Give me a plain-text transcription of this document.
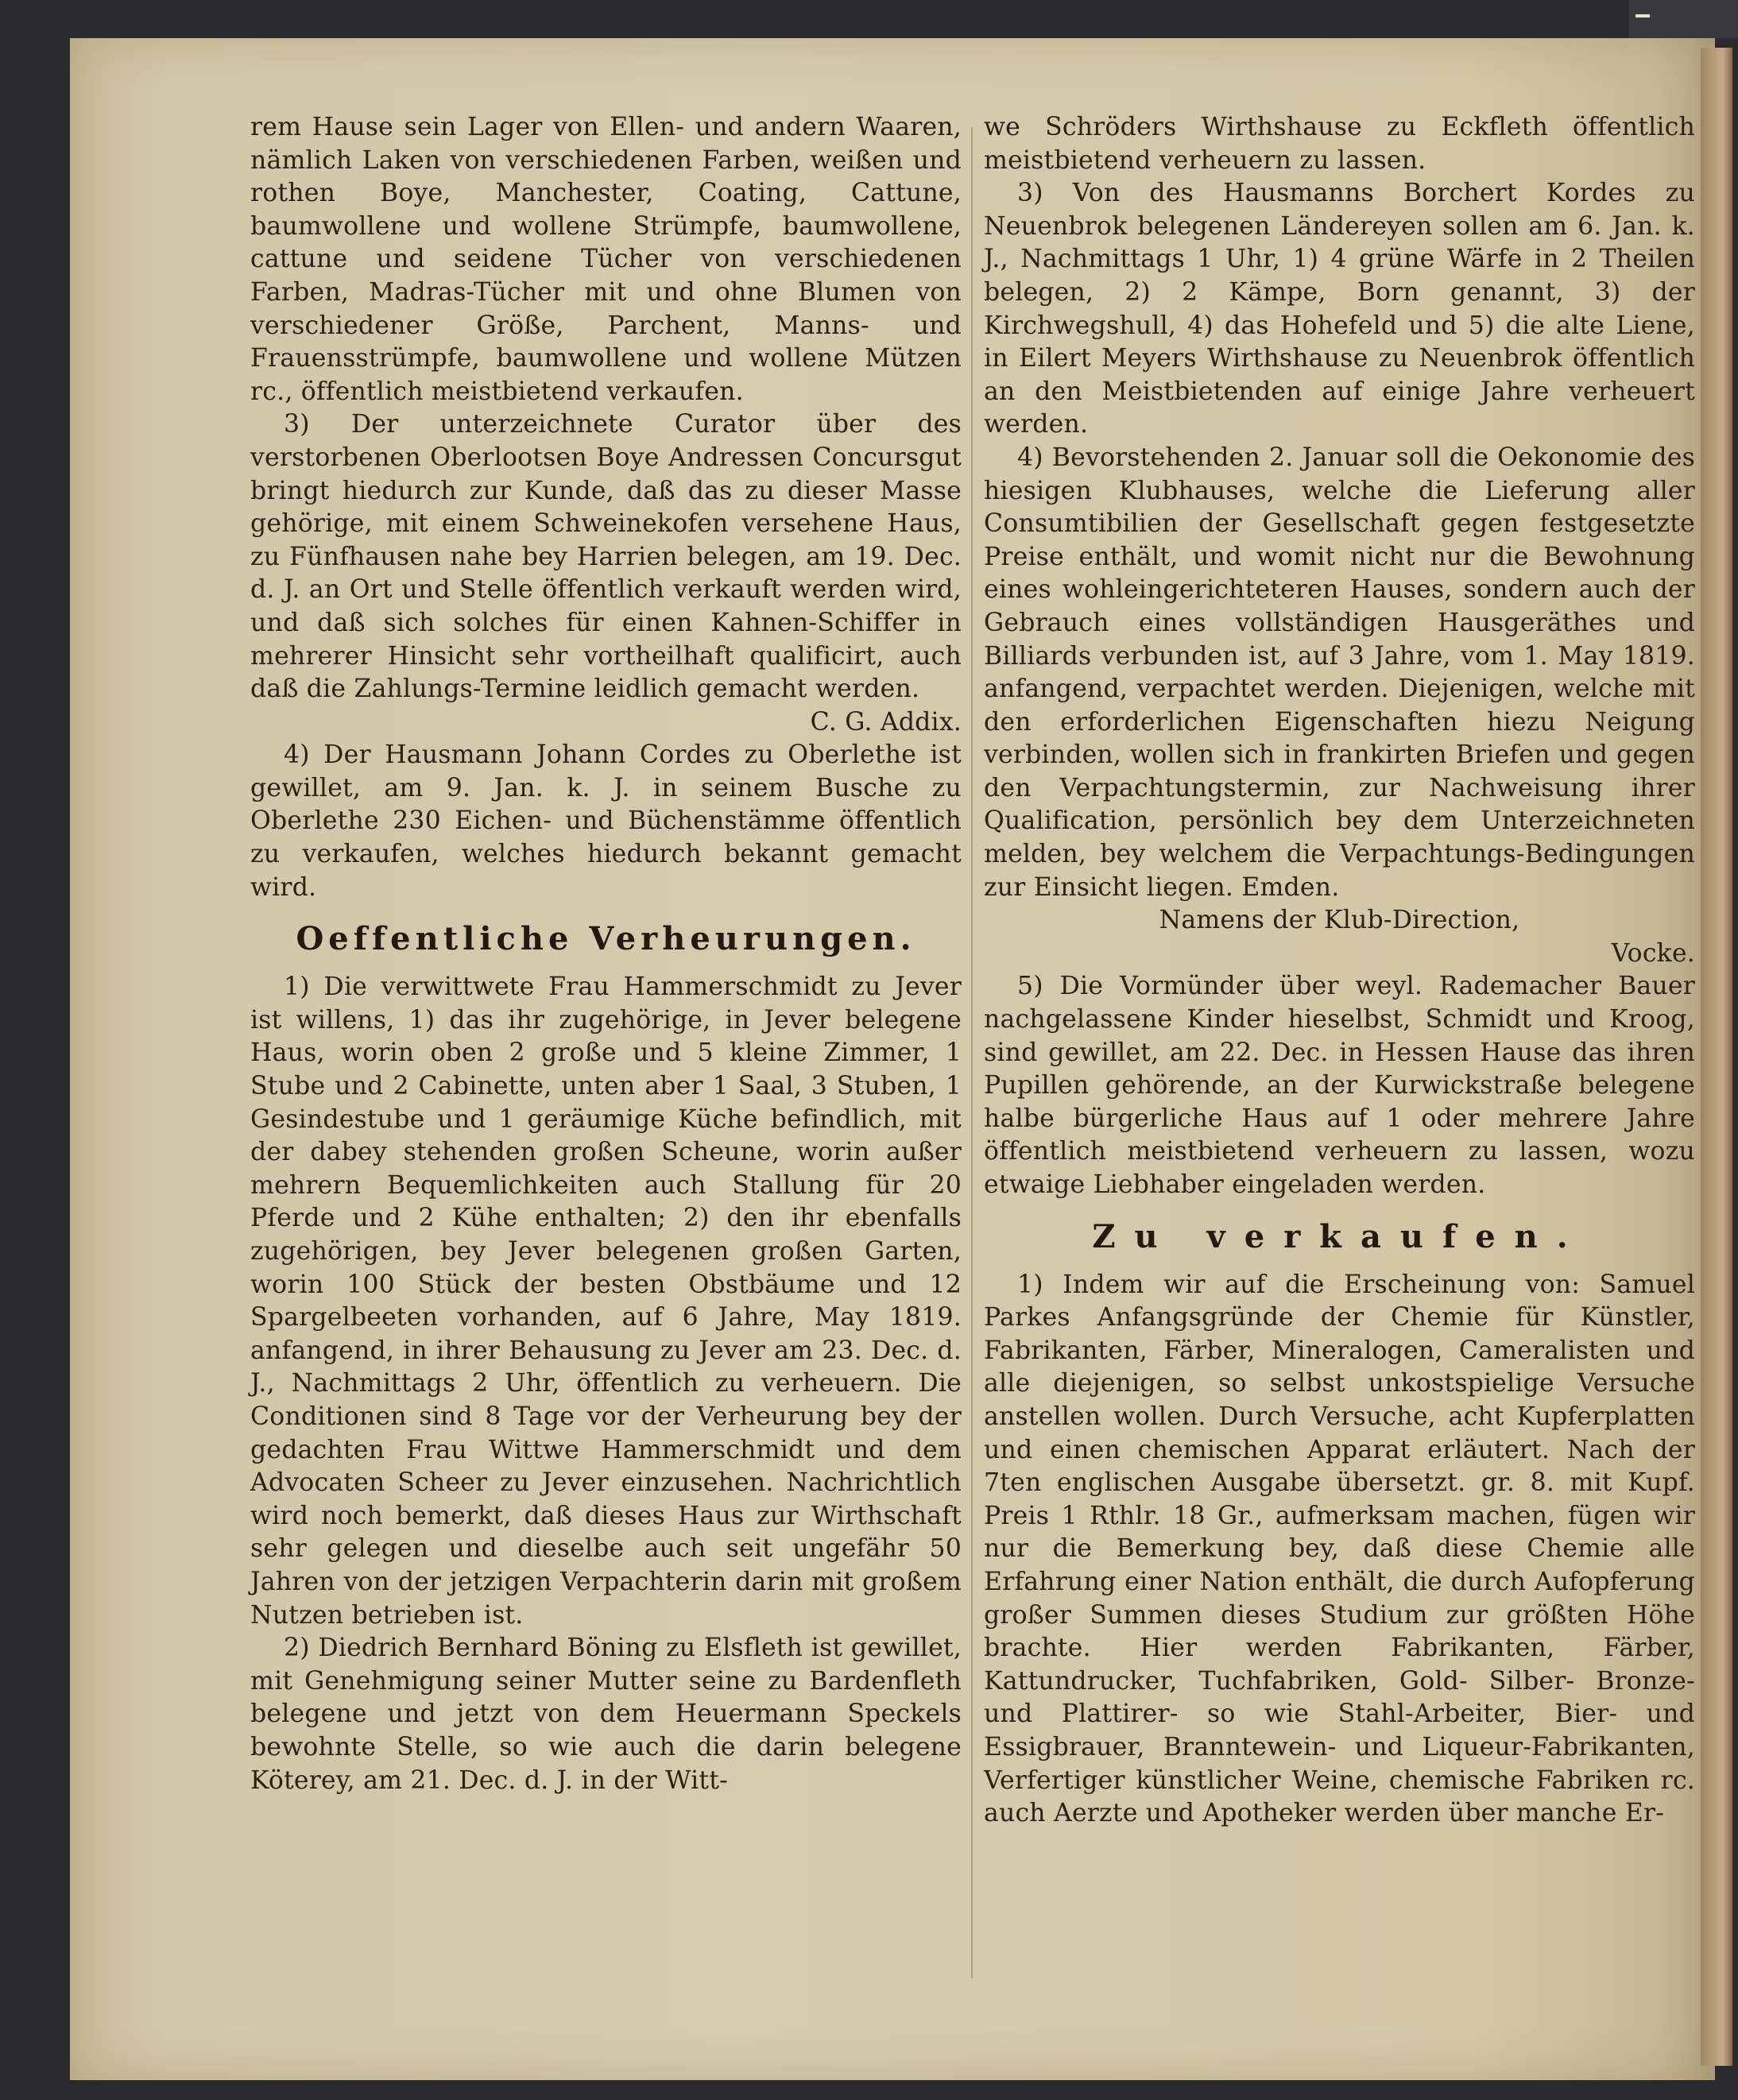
rem Hause sein Lager von Ellen- und andern Waaren, nämlich Laken von verschiedenen Farben, weißen und rothen Boye, Manchester, Coating, Cattune, baumwollene und wollene Strümpfe, baumwollene, cattune und seidene Tücher von verschiedenen Farben, Madras-Tücher mit und ohne Blumen von verschiedener Größe, Parchent, Manns- und Frauensstrümpfe, baumwollene und wollene Mützen rc., öffentlich meistbietend verkaufen.

3) Der unterzeichnete Curator über des verstorbenen Oberlootsen Boye Andressen Concursgut bringt hiedurch zur Kunde, daß das zu dieser Masse gehörige, mit einem Schweinekofen versehene Haus, zu Fünfhausen nahe bey Harrien belegen, am 19. Dec. d. J. an Ort und Stelle öffentlich verkauft werden wird, und daß sich solches für einen Kahnen-Schiffer in mehrerer Hinsicht sehr vortheilhaft qualificirt, auch daß die Zahlungs-Termine leidlich gemacht werden.

C. G. Addix.

4) Der Hausmann Johann Cordes zu Oberlethe ist gewillet, am 9. Jan. k. J. in seinem Busche zu Oberlethe 230 Eichen- und Büchenstämme öffentlich zu verkaufen, welches hiedurch bekannt gemacht wird.

Oeffentliche Verheurungen.

1) Die verwittwete Frau Hammerschmidt zu Jever ist willens, 1) das ihr zugehörige, in Jever belegene Haus, worin oben 2 große und 5 kleine Zimmer, 1 Stube und 2 Cabinette, unten aber 1 Saal, 3 Stuben, 1 Gesindestube und 1 geräumige Küche befindlich, mit der dabey stehenden großen Scheune, worin außer mehrern Bequemlichkeiten auch Stallung für 20 Pferde und 2 Kühe enthalten; 2) den ihr ebenfalls zugehörigen, bey Jever belegenen großen Garten, worin 100 Stück der besten Obstbäume und 12 Spargelbeeten vorhanden, auf 6 Jahre, May 1819. anfangend, in ihrer Behausung zu Jever am 23. Dec. d. J., Nachmittags 2 Uhr, öffentlich zu verheuern. Die Conditionen sind 8 Tage vor der Verheurung bey der gedachten Frau Wittwe Hammerschmidt und dem Advocaten Scheer zu Jever einzusehen. Nachrichtlich wird noch bemerkt, daß dieses Haus zur Wirthschaft sehr gelegen und dieselbe auch seit ungefähr 50 Jahren von der jetzigen Verpachterin darin mit großem Nutzen betrieben ist.

2) Diedrich Bernhard Böning zu Elsfleth ist gewillet, mit Genehmigung seiner Mutter seine zu Bardenfleth belegene und jetzt von dem Heuermann Speckels bewohnte Stelle, so wie auch die darin belegene Köterey, am 21. Dec. d. J. in der Witt-

we Schröders Wirthshause zu Eckfleth öffentlich meistbietend verheuern zu lassen.

3) Von des Hausmanns Borchert Kordes zu Neuenbrok belegenen Ländereyen sollen am 6. Jan. k. J., Nachmittags 1 Uhr, 1) 4 grüne Wärfe in 2 Theilen belegen, 2) 2 Kämpe, Born genannt, 3) der Kirchwegshull, 4) das Hohefeld und 5) die alte Liene, in Eilert Meyers Wirthshause zu Neuenbrok öffentlich an den Meistbietenden auf einige Jahre verheuert werden.

4) Bevorstehenden 2. Januar soll die Oekonomie des hiesigen Klubhauses, welche die Lieferung aller Consumtibilien der Gesellschaft gegen festgesetzte Preise enthält, und womit nicht nur die Bewohnung eines wohleingerichteteren Hauses, sondern auch der Gebrauch eines vollständigen Hausgeräthes und Billiards verbunden ist, auf 3 Jahre, vom 1. May 1819. anfangend, verpachtet werden. Diejenigen, welche mit den erforderlichen Eigenschaften hiezu Neigung verbinden, wollen sich in frankirten Briefen und gegen den Verpachtungstermin, zur Nachweisung ihrer Qualification, persönlich bey dem Unterzeichneten melden, bey welchem die Verpachtungs-Bedingungen zur Einsicht liegen. Emden.

Namens der Klub-Direction,

Vocke.

5) Die Vormünder über weyl. Rademacher Bauer nachgelassene Kinder hieselbst, Schmidt und Kroog, sind gewillet, am 22. Dec. in Hessen Hause das ihren Pupillen gehörende, an der Kurwickstraße belegene halbe bürgerliche Haus auf 1 oder mehrere Jahre öffentlich meistbietend verheuern zu lassen, wozu etwaige Liebhaber eingeladen werden.

Zu verkaufen.

1) Indem wir auf die Erscheinung von: Samuel Parkes Anfangsgründe der Chemie für Künstler, Fabrikanten, Färber, Mineralogen, Cameralisten und alle diejenigen, so selbst unkostspielige Versuche anstellen wollen. Durch Versuche, acht Kupferplatten und einen chemischen Apparat erläutert. Nach der 7ten englischen Ausgabe übersetzt. gr. 8. mit Kupf. Preis 1 Rthlr. 18 Gr., aufmerksam machen, fügen wir nur die Bemerkung bey, daß diese Chemie alle Erfahrung einer Nation enthält, die durch Aufopferung großer Summen dieses Studium zur größten Höhe brachte. Hier werden Fabrikanten, Färber, Kattundrucker, Tuchfabriken, Gold- Silber- Bronze- und Plattirer- so wie Stahl-Arbeiter, Bier- und Essigbrauer, Branntewein- und Liqueur-Fabrikanten, Verfertiger künstlicher Weine, chemische Fabriken rc. auch Aerzte und Apotheker werden über manche Er-
